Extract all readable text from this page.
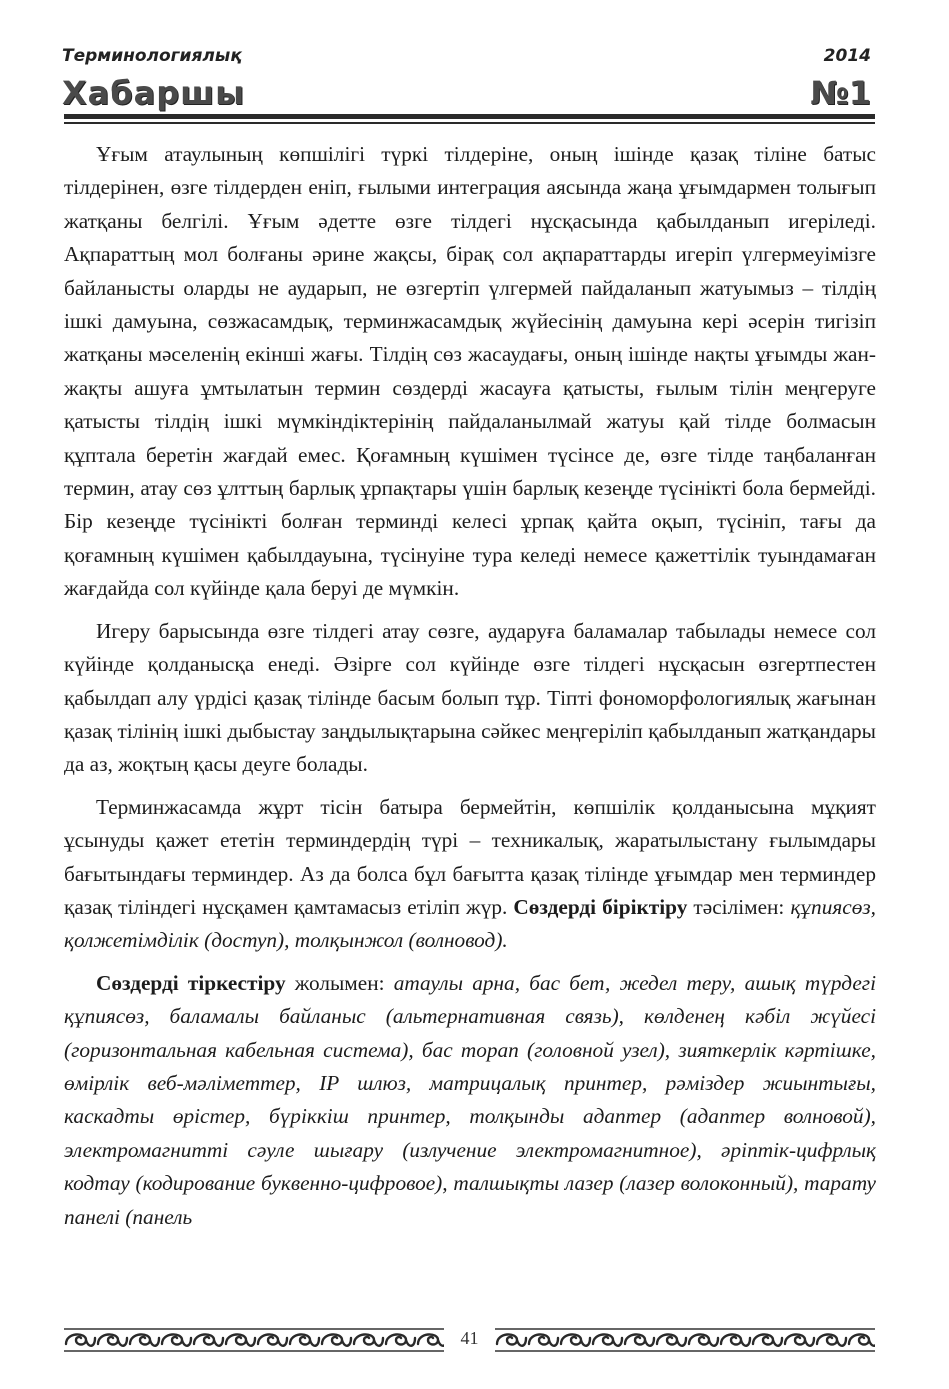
Терминологиялық	2014
Хабаршы	№1

Ұғым атаулының көпшілігі түркі тілдеріне, оның ішінде қазақ тіліне батыс тілдерінен, өзге тілдерден еніп, ғылыми интеграция аясында жаңа ұғымдармен толығып жатқаны белгілі. Ұғым әдетте өзге тілдегі нұсқасында қабылданып игеріледі. Ақпараттың мол болғаны әрине жақсы, бірақ сол ақпараттарды игеріп үлгермеуімізге байланысты оларды не аударып, не өзгертіп үлгермей пайдаланып жатуымыз – тілдің ішкі дамуына, сөзжасамдық, терминжасамдық жүйесінің дамуына кері әсерін тигізіп жатқаны мәселенің екінші жағы. Тілдің сөз жасаудағы, оның ішінде нақты ұғымды жан-жақты ашуға ұмтылатын термин сөздерді жасауға қатысты, ғылым тілін меңгеруге қатысты тілдің ішкі мүмкіндіктерінің пайдаланылмай жатуы қай тілде болмасын құптала беретін жағдай емес. Қоғамның күшімен түсінсе де, өзге тілде таңбаланған термин, атау сөз ұлттың барлық ұрпақтары үшін барлық кезеңде түсінікті бола бермейді. Бір кезеңде түсінікті болған терминді келесі ұрпақ қайта оқып, түсініп, тағы да қоғамның күшімен қабылдауына, түсінуіне тура келеді немесе қажеттілік туындамаған жағдайда сол күйінде қала беруі де мүмкін.

Игеру барысында өзге тілдегі атау сөзге, аударуға баламалар табылады немесе сол күйінде қолданысқа енеді. Әзірге сол күйінде өзге тілдегі нұсқасын өзгертпестен қабылдап алу үрдісі қазақ тілінде басым болып тұр. Тіпті фономорфологиялық жағынан қазақ тілінің ішкі дыбыстау заңдылықтарына сәйкес меңгеріліп қабылданып жатқандары да аз, жоқтың қасы деуге болады.

Терминжасамда жұрт тісін батыра бермейтін, көпшілік қолданысына мұқият ұсынуды қажет ететін терминдердің түрі – техникалық, жаратылыстану ғылымдары бағытындағы терминдер. Аз да болса бұл бағытта қазақ тілінде ұғымдар мен терминдер қазақ тіліндегі нұсқамен қамтамасыз етіліп жүр. Сөздерді біріктіру тәсілімен: құпиясөз, қолжетімділік (доступ), толқынжол (волновод).

Сөздерді тіркестіру жолымен: атаулы арна, бас бет, жедел теру, ашық түрдегі құпиясөз, баламалы байланыс (альтернативная связь), көлденең кәбіл жүйесі (горизонтальная кабельная система), бас торап (головной узел), зияткерлік кәртішке, өмірлік веб-мәліметтер, IP шлюз, матрицалық принтер, рәміздер жиынтығы, каскадты өрістер, бүріккіш принтер, толқынды адаптер (адаптер волновой), электромагнитті сәуле шығару (излучение электромагнитное), әріптік-цифрлық кодтау (кодирование буквенно-цифровое), талшықты лазер (лазер волоконный), тарату панелі (панель

41
